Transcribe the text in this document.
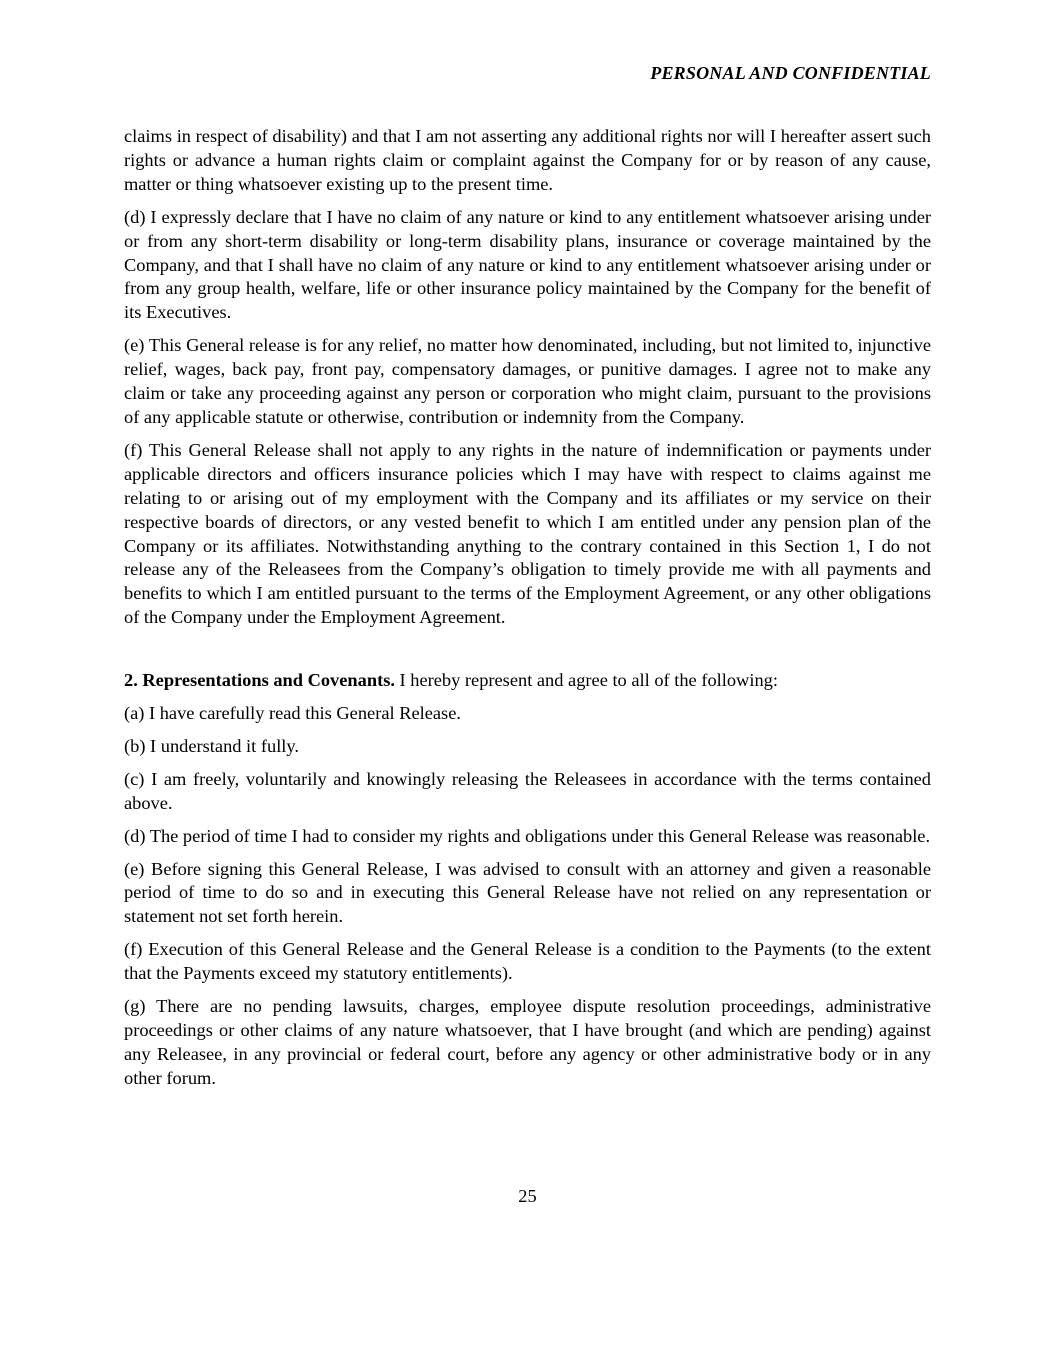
PERSONAL AND CONFIDENTIAL

claims in respect of disability) and that I am not asserting any additional rights nor will I hereafter assert such rights or advance a human rights claim or complaint against the Company for or by reason of any cause, matter or thing whatsoever existing up to the present time.

(d) I expressly declare that I have no claim of any nature or kind to any entitlement whatsoever arising under or from any short-term disability or long-term disability plans, insurance or coverage maintained by the Company, and that I shall have no claim of any nature or kind to any entitlement whatsoever arising under or from any group health, welfare, life or other insurance policy maintained by the Company for the benefit of its Executives.

(e) This General release is for any relief, no matter how denominated, including, but not limited to, injunctive relief, wages, back pay, front pay, compensatory damages, or punitive damages. I agree not to make any claim or take any proceeding against any person or corporation who might claim, pursuant to the provisions of any applicable statute or otherwise, contribution or indemnity from the Company.

(f) This General Release shall not apply to any rights in the nature of indemnification or payments under applicable directors and officers insurance policies which I may have with respect to claims against me relating to or arising out of my employment with the Company and its affiliates or my service on their respective boards of directors, or any vested benefit to which I am entitled under any pension plan of the Company or its affiliates. Notwithstanding anything to the contrary contained in this Section 1, I do not release any of the Releasees from the Company’s obligation to timely provide me with all payments and benefits to which I am entitled pursuant to the terms of the Employment Agreement, or any other obligations of the Company under the Employment Agreement.

2. Representations and Covenants. I hereby represent and agree to all of the following:

(a) I have carefully read this General Release.

(b) I understand it fully.

(c) I am freely, voluntarily and knowingly releasing the Releasees in accordance with the terms contained above.

(d) The period of time I had to consider my rights and obligations under this General Release was reasonable.

(e) Before signing this General Release, I was advised to consult with an attorney and given a reasonable period of time to do so and in executing this General Release have not relied on any representation or statement not set forth herein.

(f) Execution of this General Release and the General Release is a condition to the Payments (to the extent that the Payments exceed my statutory entitlements).

(g) There are no pending lawsuits, charges, employee dispute resolution proceedings, administrative proceedings or other claims of any nature whatsoever, that I have brought (and which are pending) against any Releasee, in any provincial or federal court, before any agency or other administrative body or in any other forum.

25
